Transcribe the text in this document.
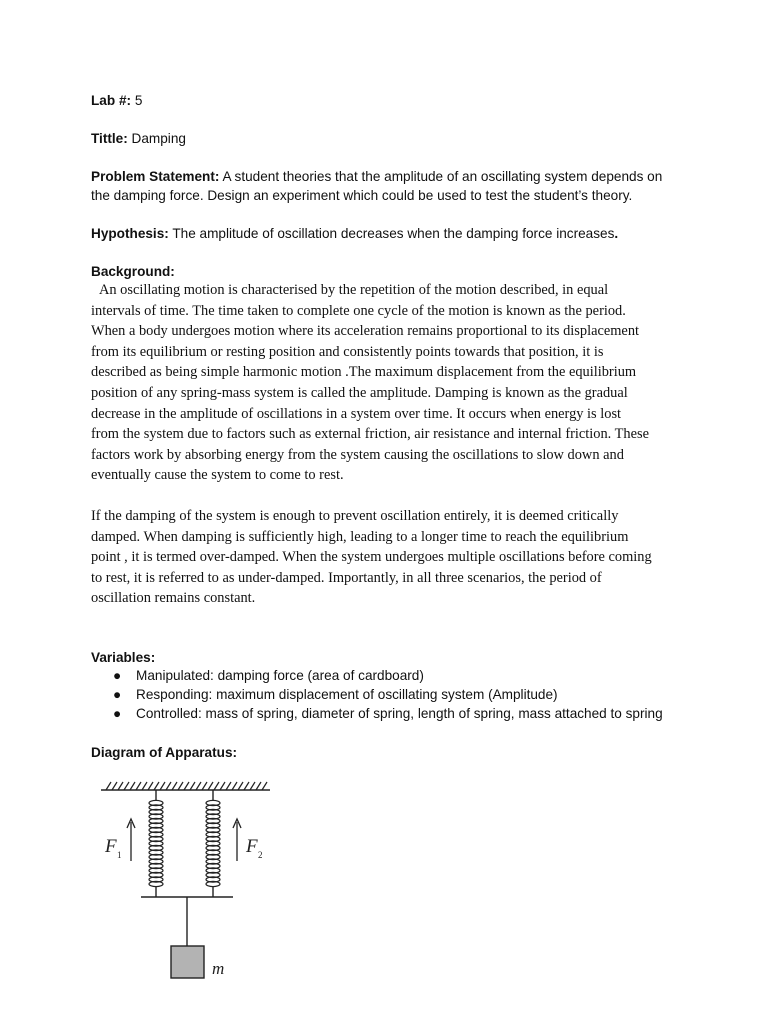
Lab #: 5

Tittle: Damping

Problem Statement: A student theories that the amplitude of an oscillating system depends on
the damping force. Design an experiment which could be used to test the student’s theory.

Hypothesis: The amplitude of oscillation decreases when the damping force increases.

Background:

An oscillating motion is characterised by the repetition of the motion described, in equal
intervals of time. The time taken to complete one cycle of the motion is known as the period.
When a body undergoes motion where its acceleration remains proportional to its displacement
from its equilibrium or resting position and consistently points towards that position, it is
described as being simple harmonic motion .The maximum displacement from the equilibrium
position of any spring-mass system is called the amplitude. Damping is known as the gradual
decrease in the amplitude of oscillations in a system over time. It occurs when energy is lost
from the system due to factors such as external friction, air resistance and internal friction. These
factors work by absorbing energy from the system causing the oscillations to slow down and
eventually cause the system to come to rest.
If the damping of the system is enough to prevent oscillation entirely, it is deemed critically
damped. When damping is sufficiently high, leading to a longer time to reach the equilibrium
point , it is termed over-damped. When the system undergoes multiple oscillations before coming
to rest, it is referred to as under-damped. Importantly, in all three scenarios, the period of
oscillation remains constant.

Variables:

● Manipulated: damping force (area of cardboard)
● Responding: maximum displacement of oscillating system (Amplitude)
● Controlled: mass of spring, diameter of spring, length of spring, mass attached to spring

Diagram of Apparatus:

m
F 1	F 2
